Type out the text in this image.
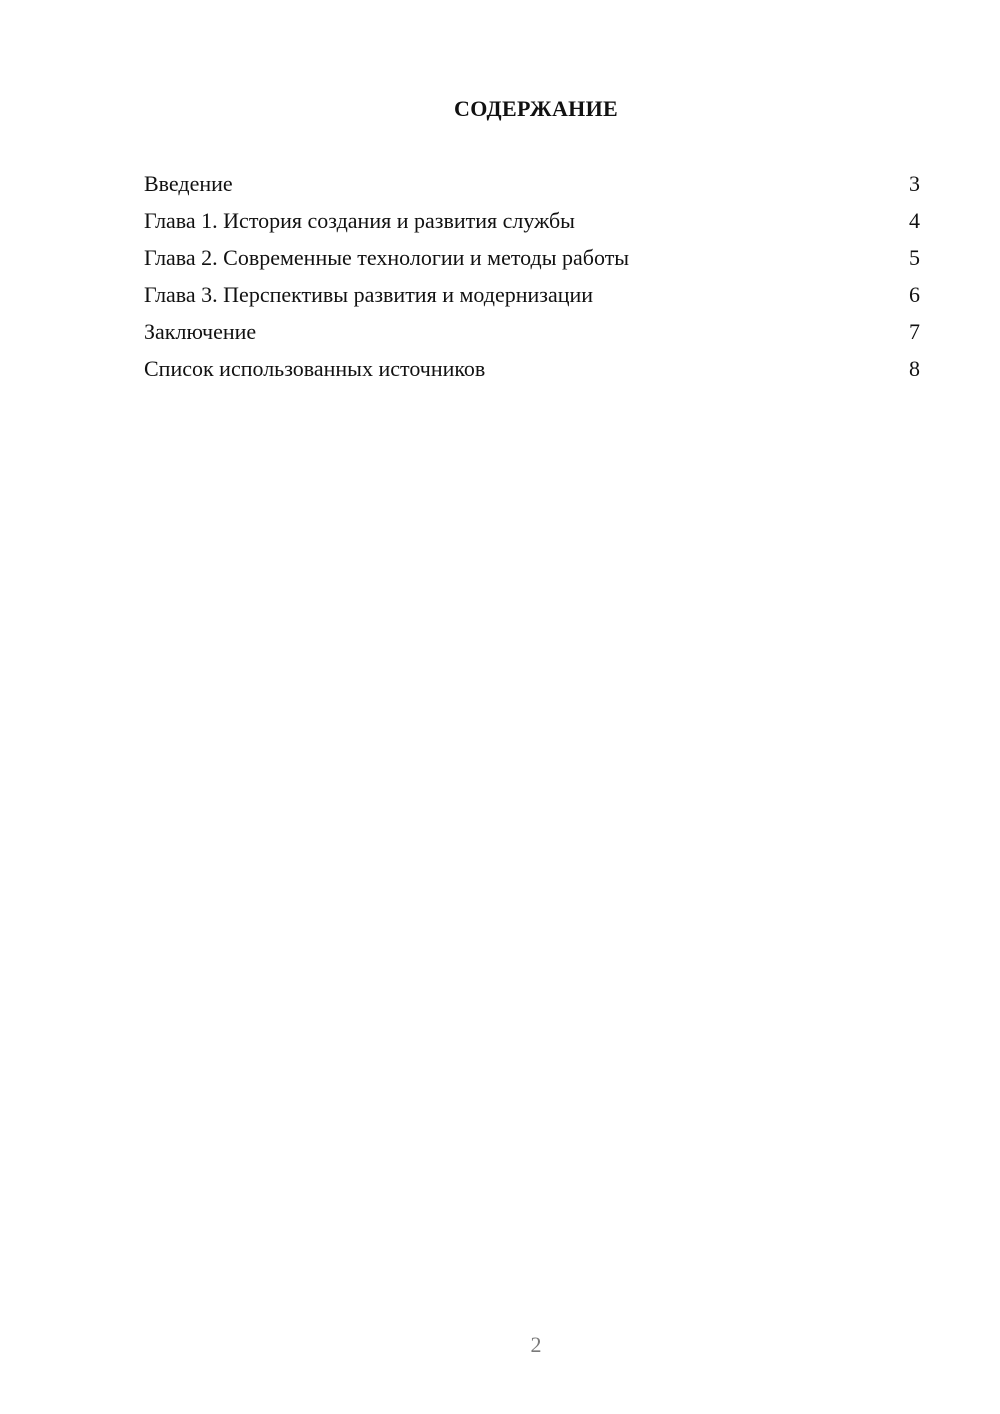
СОДЕРЖАНИЕ
Введение	3
Глава 1. История создания и развития службы	4
Глава 2. Современные технологии и методы работы	5
Глава 3. Перспективы развития и модернизации	6
Заключение	7
Список использованных источников	8
2
